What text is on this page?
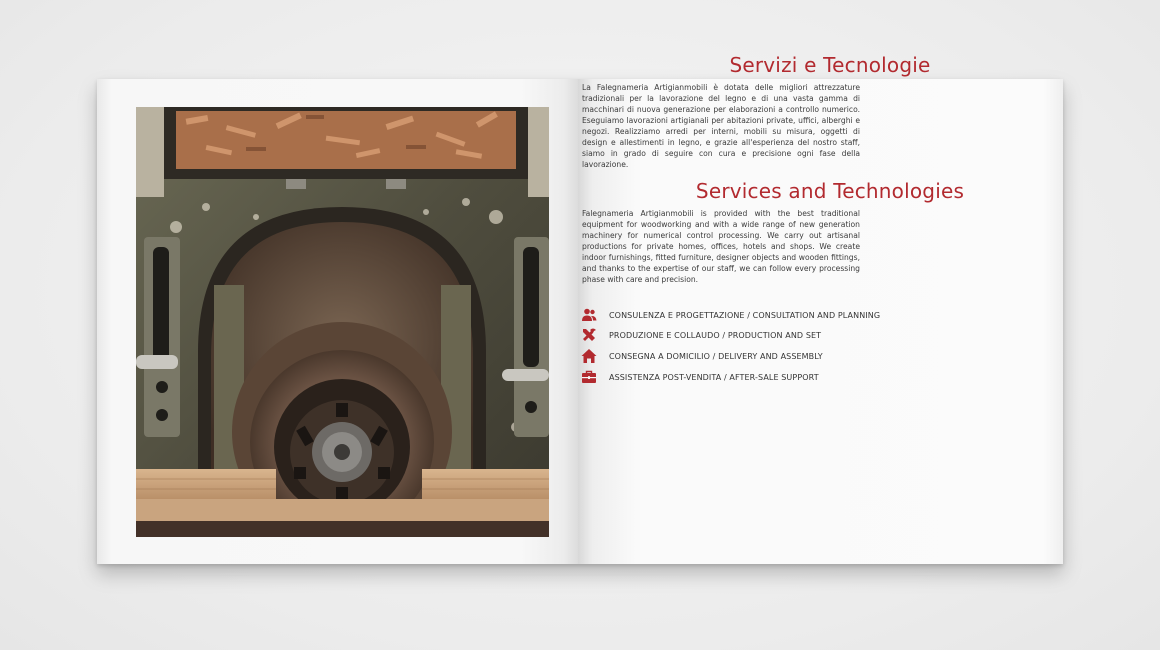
Servizi e Tecnologie
La Falegnameria Artigianmobili è dotata delle migliori attrezzature tradizionali per la lavorazione del legno e di una vasta gamma di macchinari di nuova generazione per elaborazioni a controllo numerico. Eseguiamo lavorazioni artigianali per abitazioni private, uffici, alberghi e negozi. Realizziamo arredi per interni, mobili su misura, oggetti di design e allestimenti in legno, e grazie all'esperienza del nostro staff, siamo in grado di seguire con cura e precisione ogni fase della lavorazione.
Services and Technologies
Falegnameria Artigianmobili is provided with the best traditional equipment for woodworking and with a wide range of new generation machinery for numerical control processing. We carry out artisanal productions for private homes, offices, hotels and shops. We create indoor furnishings, fitted furniture, designer objects and wooden fittings, and thanks to the expertise of our staff, we can follow every processing phase with care and precision.
CONSULENZA E PROGETTAZIONE / CONSULTATION AND PLANNING
PRODUZIONE E COLLAUDO / PRODUCTION AND SET
CONSEGNA A DOMICILIO / DELIVERY AND ASSEMBLY
ASSISTENZA POST-VENDITA / AFTER-SALE SUPPORT
